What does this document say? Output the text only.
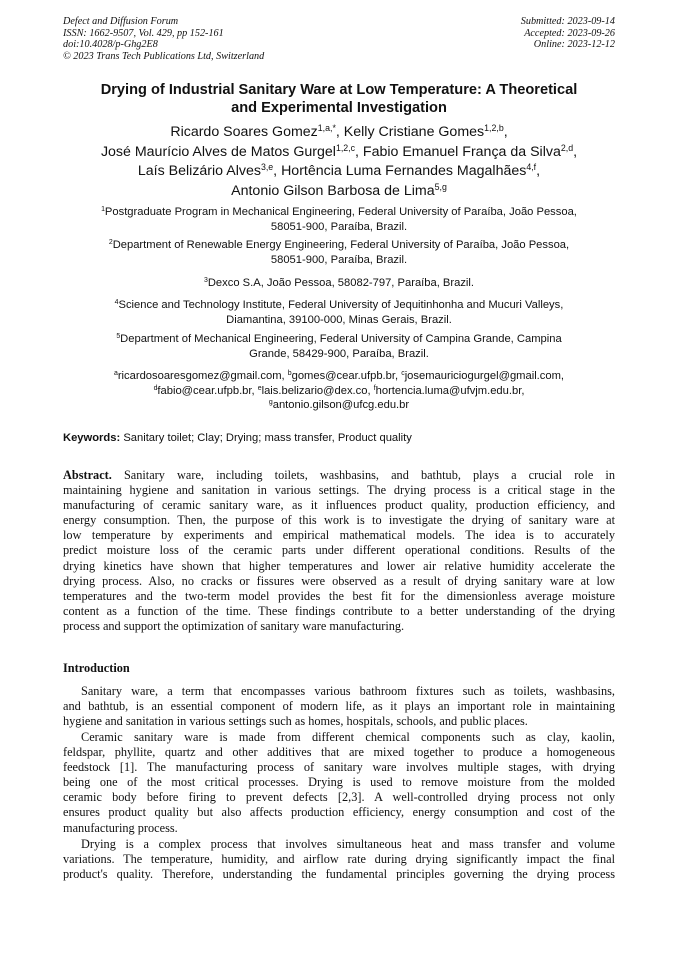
Defect and Diffusion Forum
ISSN: 1662-9507, Vol. 429, pp 152-161
doi:10.4028/p-Ghg2E8
© 2023 Trans Tech Publications Ltd, Switzerland
Submitted: 2023-09-14
Accepted: 2023-09-26
Online: 2023-12-12
Drying of Industrial Sanitary Ware at Low Temperature: A Theoretical
and Experimental Investigation
Ricardo Soares Gomez$^{1,a,*}$, Kelly Cristiane Gomes$^{1,2,b}$,
José Maurício Alves de Matos Gurgel$^{1,2,c}$, Fabio Emanuel França da Silva$^{2,d}$,
Laís Belizário Alves$^{3,e}$, Hortência Luma Fernandes Magalhães$^{4,f}$,
Antonio Gilson Barbosa de Lima$^{5,g}$
$^1$Postgraduate Program in Mechanical Engineering, Federal University of Paraíba, João Pessoa,
58051-900, Paraíba, Brazil.
$^2$Department of Renewable Energy Engineering, Federal University of Paraíba, João Pessoa,
58051-900, Paraíba, Brazil.
$^3$Dexco S.A, João Pessoa, 58082-797, Paraíba, Brazil.
$^4$Science and Technology Institute, Federal University of Jequitinhonha and Mucuri Valleys,
Diamantina, 39100-000, Minas Gerais, Brazil.
$^5$Department of Mechanical Engineering, Federal University of Campina Grande, Campina
Grande, 58429-900, Paraíba, Brazil.
$^a$ricardosoaresgomez@gmail.com, $^b$gomes@cear.ufpb.br, $^c$josemauriciogurgel@gmail.com,
$^d$fabio@cear.ufpb.br, $^e$lais.belizario@dex.co, $^f$hortencia.luma@ufvjm.edu.br,
$^g$antonio.gilson@ufcg.edu.br
Keywords: Sanitary toilet; Clay; Drying; mass transfer, Product quality
Abstract. Sanitary ware, including toilets, washbasins, and bathtub, plays a crucial role in
maintaining hygiene and sanitation in various settings. The drying process is a critical stage in the
manufacturing of ceramic sanitary ware, as it influences product quality, production efficiency, and
energy consumption. Then, the purpose of this work is to investigate the drying of sanitary ware at
low temperature by experiments and empirical mathematical models. The idea is to accurately
predict moisture loss of the ceramic parts under different operational conditions. Results of the
drying kinetics have shown that higher temperatures and lower air relative humidity accelerate the
drying process. Also, no cracks or fissures were observed as a result of drying sanitary ware at low
temperatures and the two-term model provides the best fit for the dimensionless average moisture
content as a function of the time. These findings contribute to a better understanding of the drying
process and support the optimization of sanitary ware manufacturing.
Introduction
Sanitary ware, a term that encompasses various bathroom fixtures such as toilets, washbasins,
and bathtub, is an essential component of modern life, as it plays an important role in maintaining
hygiene and sanitation in various settings such as homes, hospitals, schools, and public places.
Ceramic sanitary ware is made from different chemical components such as clay, kaolin,
feldspar, phyllite, quartz and other additives that are mixed together to produce a homogeneous
feedstock [1]. The manufacturing process of sanitary ware involves multiple stages, with drying
being one of the most critical processes. Drying is used to remove moisture from the molded
ceramic body before firing to prevent defects [2,3]. A well-controlled drying process not only
ensures product quality but also affects production efficiency, energy consumption and cost of the
manufacturing process.
Drying is a complex process that involves simultaneous heat and mass transfer and volume
variations. The temperature, humidity, and airflow rate during drying significantly impact the final
product's quality. Therefore, understanding the fundamental principles governing the drying process
